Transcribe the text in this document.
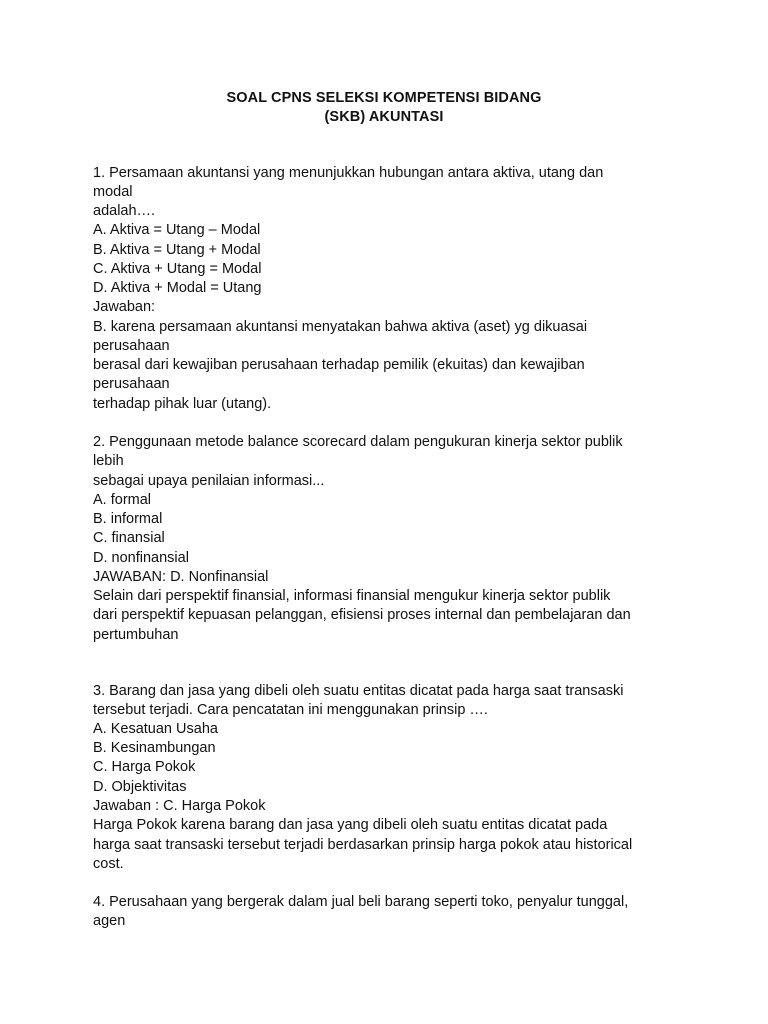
SOAL CPNS SELEKSI KOMPETENSI BIDANG
(SKB) AKUNTASI
1. Persamaan akuntansi yang menunjukkan hubungan antara aktiva, utang dan
modal
adalah….
A. Aktiva = Utang – Modal
B. Aktiva = Utang + Modal
C. Aktiva + Utang = Modal
D. Aktiva + Modal = Utang
Jawaban:
B. karena persamaan akuntansi menyatakan bahwa aktiva (aset) yg dikuasai
perusahaan
berasal dari kewajiban perusahaan terhadap pemilik (ekuitas) dan kewajiban
perusahaan
terhadap pihak luar (utang).
2. Penggunaan metode balance scorecard dalam pengukuran kinerja sektor publik
lebih
sebagai upaya penilaian informasi...
A. formal
B. informal
C. finansial
D. nonfinansial
JAWABAN: D. Nonfinansial
Selain dari perspektif finansial, informasi finansial mengukur kinerja sektor publik
dari perspektif kepuasan pelanggan, efisiensi proses internal dan pembelajaran dan
pertumbuhan
3. Barang dan jasa yang dibeli oleh suatu entitas dicatat pada harga saat transaski
tersebut terjadi. Cara pencatatan ini menggunakan prinsip ….
A. Kesatuan Usaha
B. Kesinambungan
C. Harga Pokok
D. Objektivitas
Jawaban : C. Harga Pokok
Harga Pokok karena barang dan jasa yang dibeli oleh suatu entitas dicatat pada
harga saat transaski tersebut terjadi berdasarkan prinsip harga pokok atau historical
cost.
4. Perusahaan yang bergerak dalam jual beli barang seperti toko, penyalur tunggal,
agen
